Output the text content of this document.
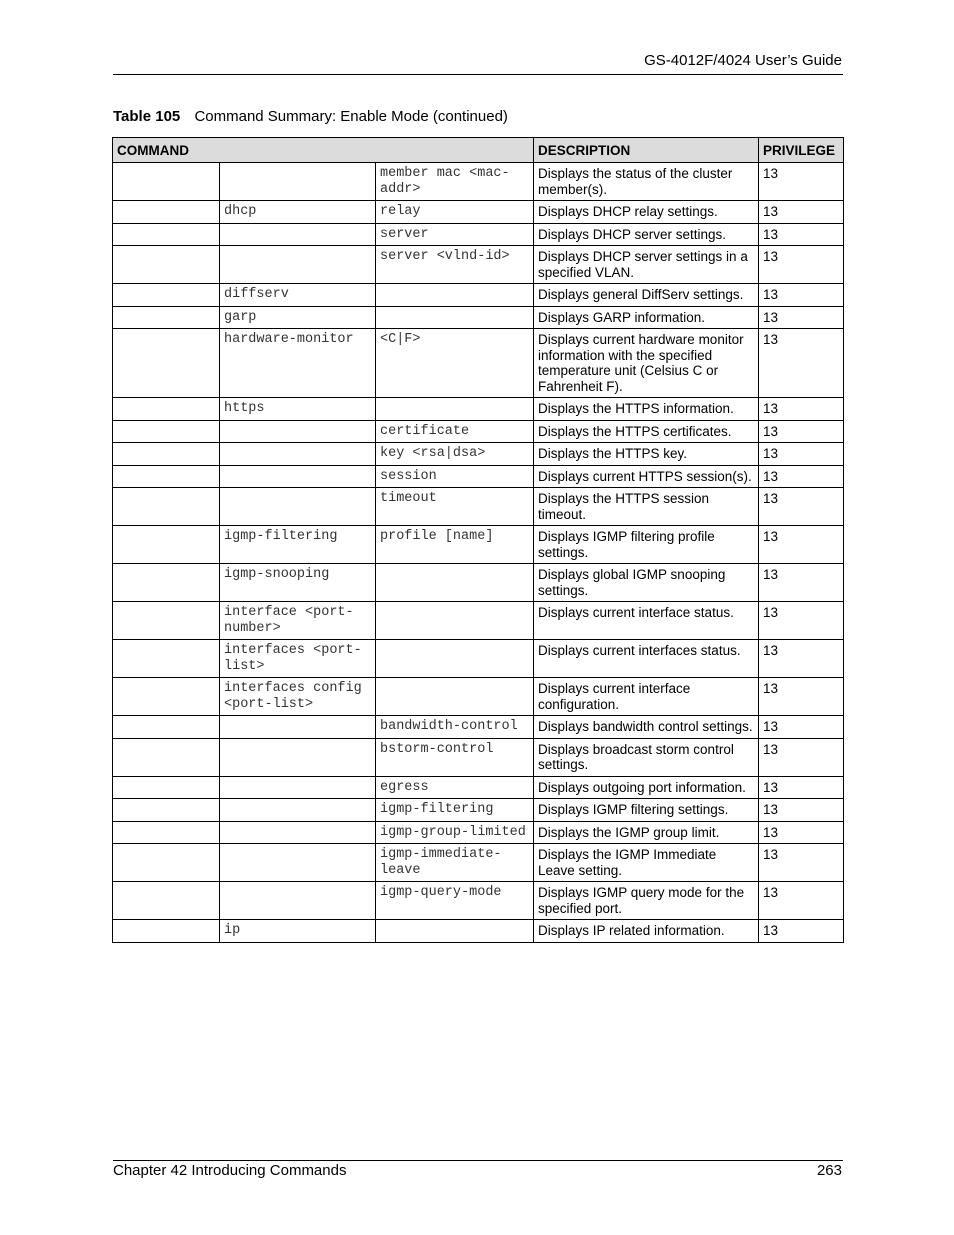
GS-4012F/4024 User’s Guide
Table 105 Command Summary: Enable Mode (continued)
COMMAND			DESCRIPTION	PRIVILEGE
		member mac <mac-addr>	Displays the status of the cluster member(s).	13
	dhcp	relay	Displays DHCP relay settings.	13
		server	Displays DHCP server settings.	13
		server <vlnd-id>	Displays DHCP server settings in a specified VLAN.	13
	diffserv		Displays general DiffServ settings.	13
	garp		Displays GARP information.	13
	hardware-monitor	<C|F>	Displays current hardware monitor information with the specified temperature unit (Celsius C or Fahrenheit F).	13
	https		Displays the HTTPS information.	13
		certificate	Displays the HTTPS certificates.	13
		key <rsa|dsa>	Displays the HTTPS key.	13
		session	Displays current HTTPS session(s).	13
		timeout	Displays the HTTPS session timeout.	13
	igmp-filtering	profile [name]	Displays IGMP filtering profile settings.	13
	igmp-snooping		Displays global IGMP snooping settings.	13
	interface <port-number>		Displays current interface status.	13
	interfaces <port-list>		Displays current interfaces status.	13
	interfaces config <port-list>		Displays current interface configuration.	13
		bandwidth-control	Displays bandwidth control settings.	13
		bstorm-control	Displays broadcast storm control settings.	13
		egress	Displays outgoing port information.	13
		igmp-filtering	Displays IGMP filtering settings.	13
		igmp-group-limited	Displays the IGMP group limit.	13
		igmp-immediate-leave	Displays the IGMP Immediate Leave setting.	13
		igmp-query-mode	Displays IGMP query mode for the specified port.	13
	ip		Displays IP related information.	13
Chapter 42 Introducing Commands	263
